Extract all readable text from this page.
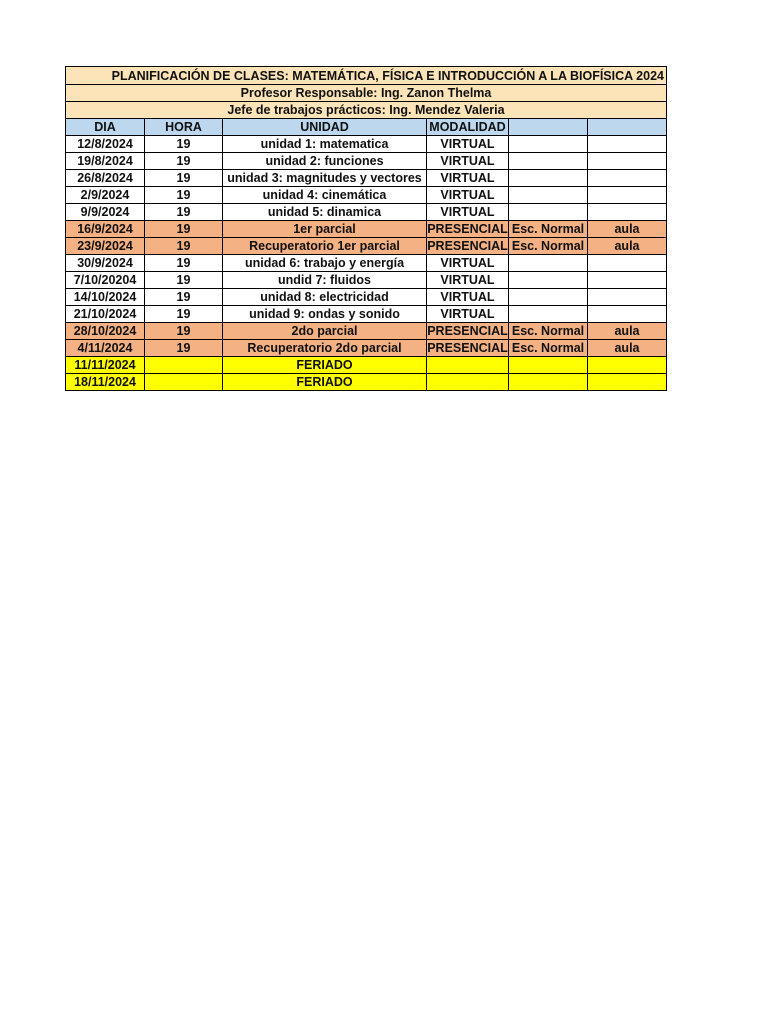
PLANIFICACIÓN DE CLASES: MATEMÁTICA, FÍSICA E INTRODUCCIÓN A LA BIOFÍSICA 2024					
Profesor Responsable: Ing. Zanon Thelma					
Jefe de trabajos prácticos: Ing. Mendez Valeria					
DIA	HORA	UNIDAD	MODALIDAD		
12/8/2024	19	unidad 1: matematica	VIRTUAL		
19/8/2024	19	unidad 2: funciones	VIRTUAL		
26/8/2024	19	unidad 3: magnitudes y vectores	VIRTUAL		
2/9/2024	19	unidad 4: cinemática	VIRTUAL		
9/9/2024	19	unidad 5: dinamica	VIRTUAL		
16/9/2024	19	1er parcial	PRESENCIAL	Esc. Normal	aula
23/9/2024	19	Recuperatorio 1er parcial	PRESENCIAL	Esc. Normal	aula
30/9/2024	19	unidad 6: trabajo y energía	VIRTUAL		
7/10/20204	19	undid 7: fluidos	VIRTUAL		
14/10/2024	19	unidad 8: electricidad	VIRTUAL		
21/10/2024	19	unidad 9: ondas y sonido	VIRTUAL		
28/10/2024	19	2do parcial	PRESENCIAL	Esc. Normal	aula
4/11/2024	19	Recuperatorio 2do parcial	PRESENCIAL	Esc. Normal	aula
11/11/2024		FERIADO			
18/11/2024		FERIADO			
